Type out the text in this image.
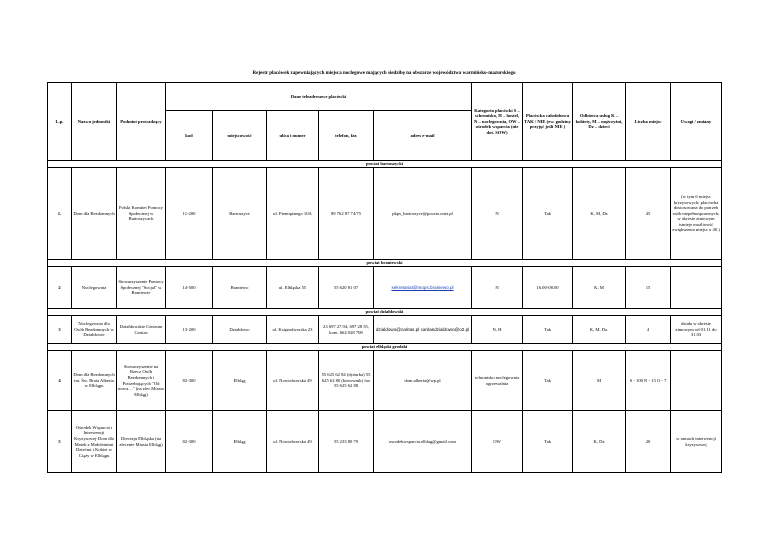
Rejestr placówek zapewniających miejsca noclegowe mających siedzibę na obszarze województwa warmińsko-mazurskiego
L.p.	Nazwa jednostki	Podmiot prowadzący	Dane teleadresowe placówki					Kategoria placówki S – schronisko, H – hostel, N – noclegownia, OW – ośrodek wsparcia (nie dot. SOW)	Placówka całodobowa TAK / NIE (ew. godziny przyjęć jeśli NIE )	Odbiorca usług K – kobiety, M – mężczyźni, Dz – dzieci	Liczba miejsc	Uwagi / zmiany
			kod	miejscowość	ulica i numer	telefon, fax	adres e-mail					
powiat bartoszycki												
1.	Dom dla Bezdomnych	Polski Komitet Pomocy Społecznej w Bartoszycach	11-200	Bartoszyce	ul. Piemiężnego 10A	89 762 87 74/75	pkps_bartoszyce@poczta.onet.pl	N	Tak	K, M, Dz	45	(w tym 6 miejsc kryzysowych; placówka dostosowana do potrzeb osób niepełnosprawnych; w okresie zimowym istnieje możliwość zwiększenia miejsc o 40.)
powiat braniewski												
2	Noclegownia	Stowarzyszenie Pomocy Społecznej "Socjal" w Braniewie	14-500	Braniewo	ul. Elbląska 55	55 620 81 07	sekretariat@mops.braniewo.pl	N	16.00-08.00	K, M	15	
powiat działdowski												
3	Noclegownia dla Osób Bezdomnych w Działdowie	Działdowskie Centrum Caritas	13-200	Działdowo	ul. Księżodworska 23	23 697 27 04, 697 28 55, kom. 664 028 708	dzialdowo@caritas.pl caritasdzialdowo@o2.pl	N, H	Tak	K, M, Dz.	4	działa w okresie zimowym od 01.11 do 31.03
powiat elbląski grodzki												
4	Dom dla Bezdomnych im. Św. Brata Alberta w Elblągu	Stowarzyszenie na Rzecz Osób Bezdomnych i Potrzebujących "Od nowa…" (na zlec.Miasta Elbląg)	82-300	Elbląg	ul. Nowodworska 49	55 625 62 84 (dyżurka) 55 625 62 80 (kierownik) fax 55 625 62 88	dom.alberta@wp.pl	schronisko noclegownia ogrzewalnia	Tak	M	S - 100 N - 13 O - 7	
5	Ośrodek Wsparcia i Interwencji Kryzysowej-Dom dla Matek z Małoletnimi Dziećmi i Kobiet w Ciąży w Elblągu	Diecezja Elbląska (na zlecenie Miasta Elbląg)	82-300	Elbląg	ul. Nowodworska 49	55 233 80 79	osrodekwsparcia.elblag@gmail.com	OW	Tak	K, Dz	20	w ramach interwencji kryzysowej
